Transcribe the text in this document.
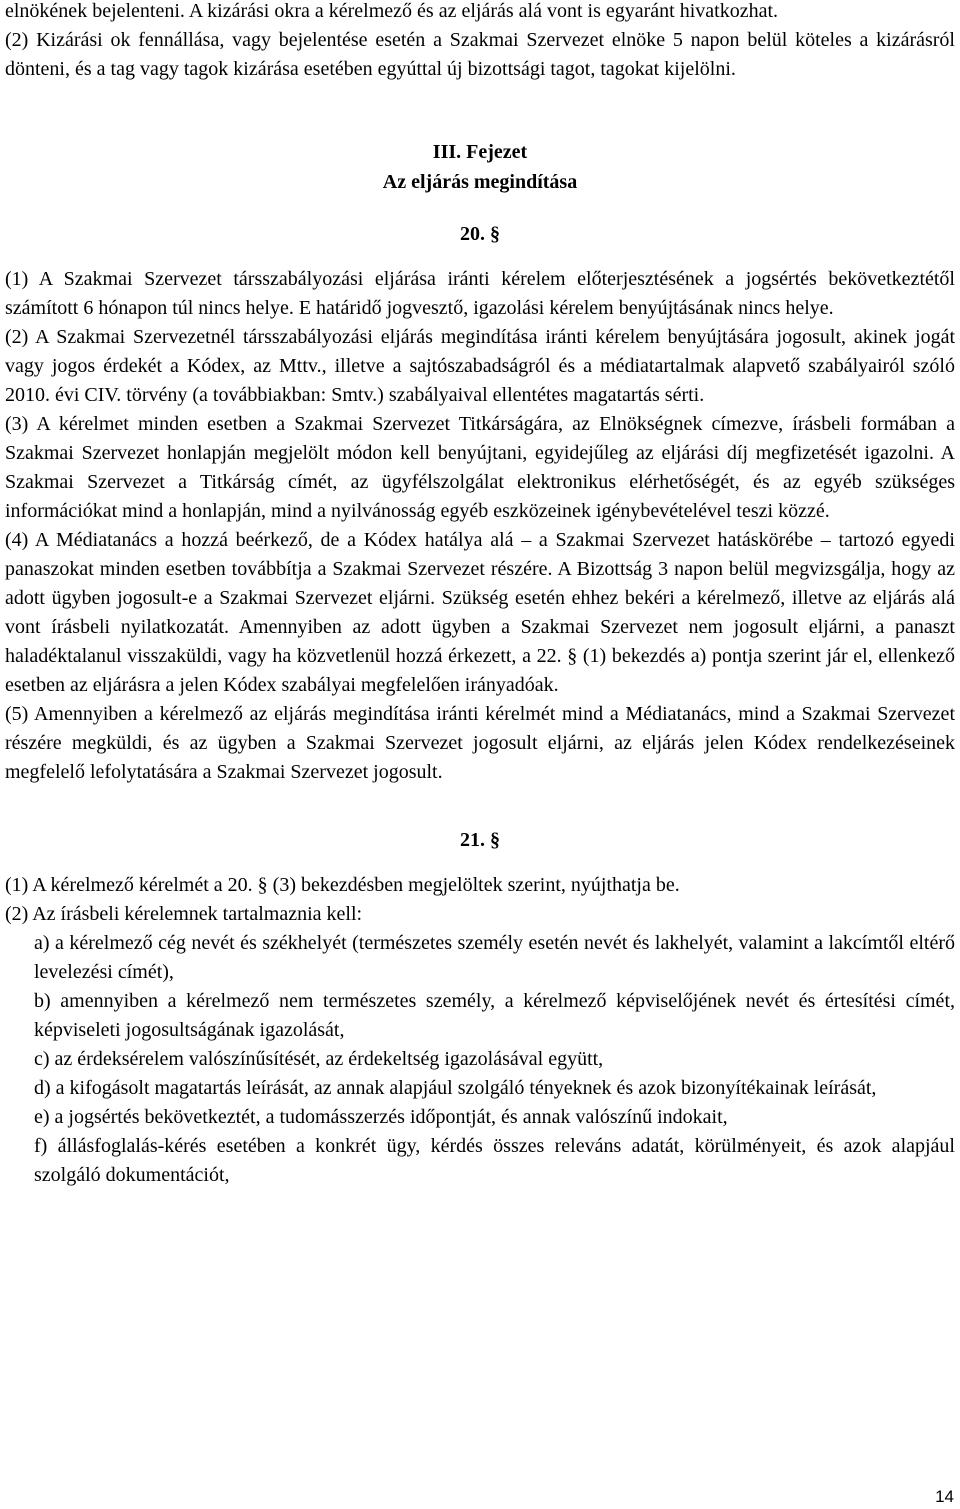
elnökének bejelenteni. A kizárási okra a kérelmező és az eljárás alá vont is egyaránt hivatkozhat.

(2) Kizárási ok fennállása, vagy bejelentése esetén a Szakmai Szervezet elnöke 5 napon belül köteles a kizárásról dönteni, és a tag vagy tagok kizárása esetében egyúttal új bizottsági tagot, tagokat kijelölni.

III. Fejezet

Az eljárás megindítása

20. §

(1) A Szakmai Szervezet társszabályozási eljárása iránti kérelem előterjesztésének a jogsértés bekövetkeztétől számított 6 hónapon túl nincs helye. E határidő jogvesztő, igazolási kérelem benyújtásának nincs helye.

(2) A Szakmai Szervezetnél társszabályozási eljárás megindítása iránti kérelem benyújtására jogosult, akinek jogát vagy jogos érdekét a Kódex, az Mttv., illetve a sajtószabadságról és a médiatartalmak alapvető szabályairól szóló 2010. évi CIV. törvény (a továbbiakban: Smtv.) szabályaival ellentétes magatartás sérti.

(3) A kérelmet minden esetben a Szakmai Szervezet Titkárságára, az Elnökségnek címezve, írásbeli formában a Szakmai Szervezet honlapján megjelölt módon kell benyújtani, egyidejűleg az eljárási díj megfizetését igazolni. A Szakmai Szervezet a Titkárság címét, az ügyfélszolgálat elektronikus elérhetőségét, és az egyéb szükséges információkat mind a honlapján, mind a nyilvánosság egyéb eszközeinek igénybevételével teszi közzé.

(4) A Médiatanács a hozzá beérkező, de a Kódex hatálya alá – a Szakmai Szervezet hatáskörébe – tartozó egyedi panaszokat minden esetben továbbítja a Szakmai Szervezet részére. A Bizottság 3 napon belül megvizsgálja, hogy az adott ügyben jogosult-e a Szakmai Szervezet eljárni. Szükség esetén ehhez bekéri a kérelmező, illetve az eljárás alá vont írásbeli nyilatkozatát. Amennyiben az adott ügyben a Szakmai Szervezet nem jogosult eljárni, a panaszt haladéktalanul visszaküldi, vagy ha közvetlenül hozzá érkezett, a 22. § (1) bekezdés a) pontja szerint jár el, ellenkező esetben az eljárásra a jelen Kódex szabályai megfelelően irányadóak.

(5) Amennyiben a kérelmező az eljárás megindítása iránti kérelmét mind a Médiatanács, mind a Szakmai Szervezet részére megküldi, és az ügyben a Szakmai Szervezet jogosult eljárni, az eljárás jelen Kódex rendelkezéseinek megfelelő lefolytatására a Szakmai Szervezet jogosult.

21. §

(1) A kérelmező kérelmét a 20. § (3) bekezdésben megjelöltek szerint, nyújthatja be.

(2) Az írásbeli kérelemnek tartalmaznia kell:

a) a kérelmező cég nevét és székhelyét (természetes személy esetén nevét és lakhelyét, valamint a lakcímtől eltérő levelezési címét),

b) amennyiben a kérelmező nem természetes személy, a kérelmező képviselőjének nevét és értesítési címét, képviseleti jogosultságának igazolását,

c) az érdeksérelem valószínűsítését, az érdekeltség igazolásával együtt,

d) a kifogásolt magatartás leírását, az annak alapjául szolgáló tényeknek és azok bizonyítékainak leírását,

e) a jogsértés bekövetkeztét, a tudomásszerzés időpontját, és annak valószínű indokait,

f) állásfoglalás-kérés esetében a konkrét ügy, kérdés összes releváns adatát, körülményeit, és azok alapjául szolgáló dokumentációt,

14
